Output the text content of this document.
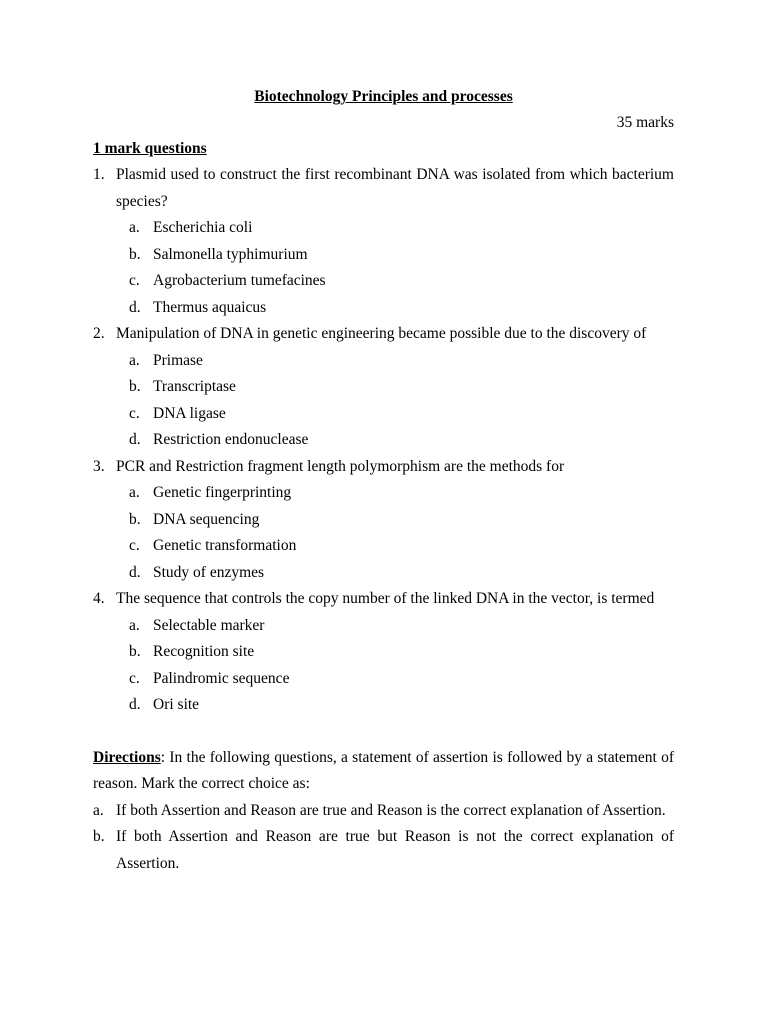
Biotechnology Principles and processes

35 marks

1 mark questions

1. Plasmid used to construct the first recombinant DNA was isolated from which bacterium species?
a. Escherichia coli
b. Salmonella typhimurium
c. Agrobacterium tumefacines
d. Thermus aquaicus
2. Manipulation of DNA in genetic engineering became possible due to the discovery of
a. Primase
b. Transcriptase
c. DNA ligase
d. Restriction endonuclease
3. PCR and Restriction fragment length polymorphism are the methods for
a. Genetic fingerprinting
b. DNA sequencing
c. Genetic transformation
d. Study of enzymes
4. The sequence that controls the copy number of the linked DNA in the vector, is termed
a. Selectable marker
b. Recognition site
c. Palindromic sequence
d. Ori site

Directions: In the following questions, a statement of assertion is followed by a statement of reason. Mark the correct choice as:

a. If both Assertion and Reason are true and Reason is the correct explanation of Assertion.
b. If both Assertion and Reason are true but Reason is not the correct explanation of Assertion.
